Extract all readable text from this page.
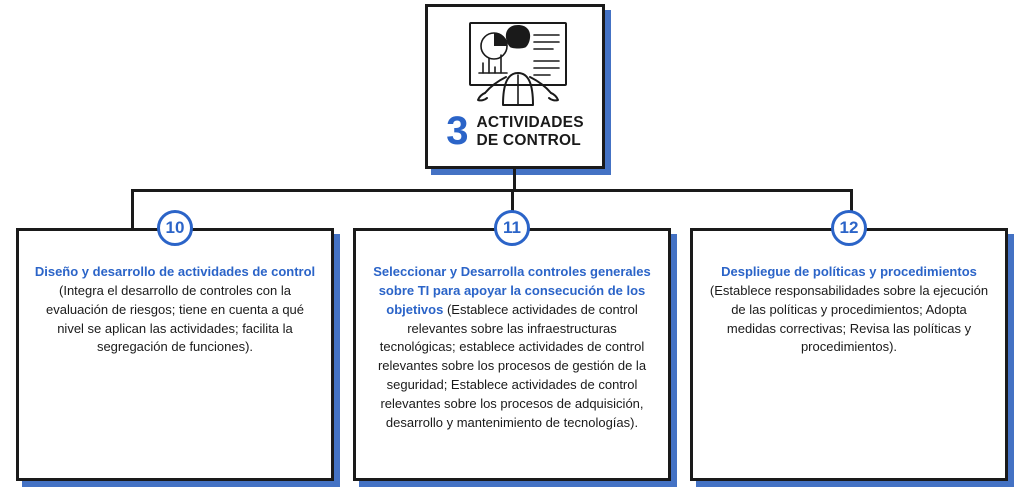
3 ACTIVIDADES
DE CONTROL
Diseño y desarrollo de actividades de control (Integra el desarrollo de controles con la evaluación de riesgos; tiene en cuenta a qué nivel se aplican las actividades; facilita la segregación de funciones).
10
Seleccionar y Desarrolla controles generales sobre TI para apoyar la consecución de los objetivos (Establece actividades de control relevantes sobre las infraestructuras tecnológicas; establece actividades de control relevantes sobre los procesos de gestión de la seguridad; Establece actividades de control relevantes sobre los procesos de adquisición, desarrollo y mantenimiento de tecnologías).
11
Despliegue de políticas y procedimientos (Establece responsabilidades sobre la ejecución de las políticas y procedimientos; Adopta medidas correctivas; Revisa las políticas y procedimientos).
12
